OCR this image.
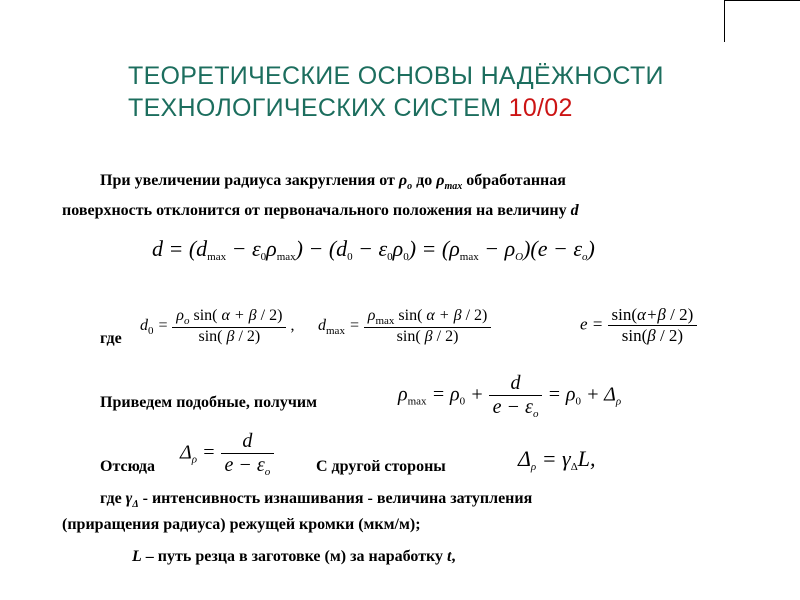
ТЕОРЕТИЧЕСКИЕ ОСНОВЫ НАДЁЖНОСТИ
ТЕХНОЛОГИЧЕСКИХ СИСТЕМ 10/02
При увеличении радиуса закругления от $\rho_o$ до $\rho_{max}$ обработанная
поверхность отклонится от первоначального положения на величину d
$d = (d_{max} - \varepsilon_0\rho_{max}) - (d_0 - \varepsilon_0\rho_0) = (\rho_{max} - \rho_O)(e - \varepsilon_o)$
где
$d_0 = \frac{\rho_o \sin( \alpha + \beta / 2)}{\sin( \beta / 2)}$ , $d_{max} = \frac{\rho_{max} \sin( \alpha + \beta / 2)}{\sin( \beta / 2)}$	$e = \frac{\sin(\alpha+\beta / 2)}{\sin(\beta / 2)}$
Приведем подобные, получим	$\rho_{max} = \rho_0 + \frac{d}{e - \varepsilon_o} = \rho_0 + \Delta_\rho$
Отсюда
$\Delta_\rho = \frac{d}{e - \varepsilon_o}$	С другой стороны	$\Delta_\rho = \gamma_\Delta L$,
где $\gamma_\Delta$ - интенсивность изнашивания - величина затупления
(приращения радиуса) режущей кромки (мкм/м);
L – путь резца в заготовке (м) за наработку t,
